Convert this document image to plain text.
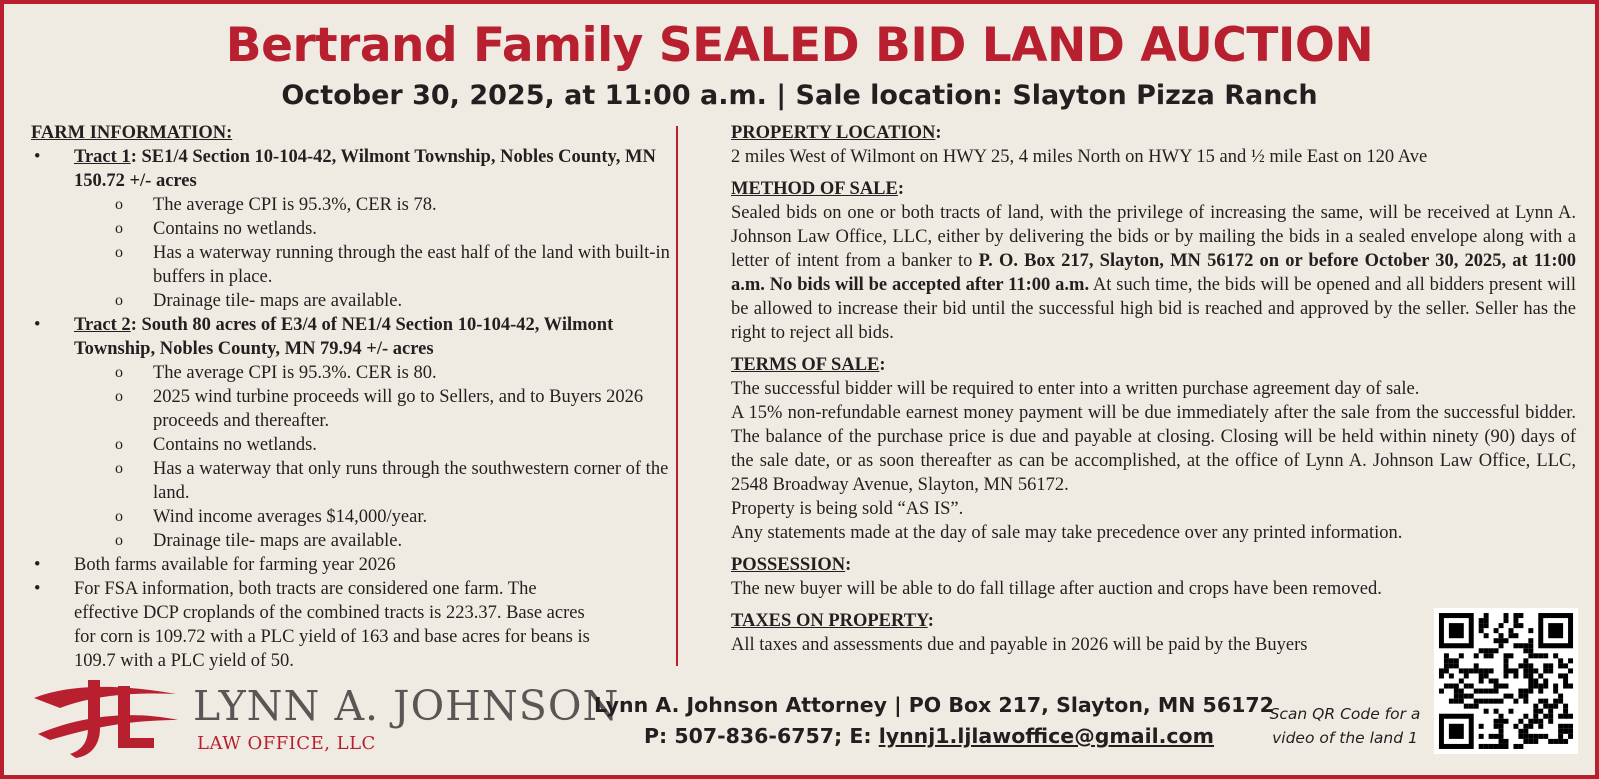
Bertrand Family SEALED BID LAND AUCTION
October 30, 2025, at 11:00 a.m. | Sale location: Slayton Pizza Ranch
FARM INFORMATION:
• Tract 1: SE1/4 Section 10-104-42, Wilmont Township, Nobles County, MN 150.72 +/- acres
o The average CPI is 95.3%, CER is 78.
o Contains no wetlands.
o Has a waterway running through the east half of the land with built-in buffers in place.
o Drainage tile- maps are available.
• Tract 2: South 80 acres of E3/4 of NE1/4 Section 10-104-42, Wilmont Township, Nobles County, MN 79.94 +/- acres
o The average CPI is 95.3%. CER is 80.
o 2025 wind turbine proceeds will go to Sellers, and to Buyers 2026 proceeds and thereafter.
o Contains no wetlands.
o Has a waterway that only runs through the southwestern corner of the land.
o Wind income averages $14,000/year.
o Drainage tile- maps are available.
• Both farms available for farming year 2026
• For FSA information, both tracts are considered one farm. The effective DCP croplands of the combined tracts is 223.37. Base acres for corn is 109.72 with a PLC yield of 163 and base acres for beans is 109.7 with a PLC yield of 50.
PROPERTY LOCATION:
2 miles West of Wilmont on HWY 25, 4 miles North on HWY 15 and ½ mile East on 120 Ave
METHOD OF SALE:
Sealed bids on one or both tracts of land, with the privilege of increasing the same, will be received at Lynn A. Johnson Law Office, LLC, either by delivering the bids or by mailing the bids in a sealed envelope along with a letter of intent from a banker to P. O. Box 217, Slayton, MN 56172 on or before October 30, 2025, at 11:00 a.m. No bids will be accepted after 11:00 a.m. At such time, the bids will be opened and all bidders present will be allowed to increase their bid until the successful high bid is reached and approved by the seller. Seller has the right to reject all bids.
TERMS OF SALE:
The successful bidder will be required to enter into a written purchase agreement day of sale.
A 15% non-refundable earnest money payment will be due immediately after the sale from the successful bidder. The balance of the purchase price is due and payable at closing. Closing will be held within ninety (90) days of the sale date, or as soon thereafter as can be accomplished, at the office of Lynn A. Johnson Law Office, LLC, 2548 Broadway Avenue, Slayton, MN 56172.
Property is being sold “AS IS”.
Any statements made at the day of sale may take precedence over any printed information.
POSSESSION:
The new buyer will be able to do fall tillage after auction and crops have been removed.
TAXES ON PROPERTY:
All taxes and assessments due and payable in 2026 will be paid by the Buyers
LYNN A. JOHNSON
LAW OFFICE, LLC
Lynn A. Johnson Attorney | PO Box 217, Slayton, MN 56172
P: 507-836-6757; E: lynnj1.ljlawoffice@gmail.com
Scan QR Code for a video of the land 1
